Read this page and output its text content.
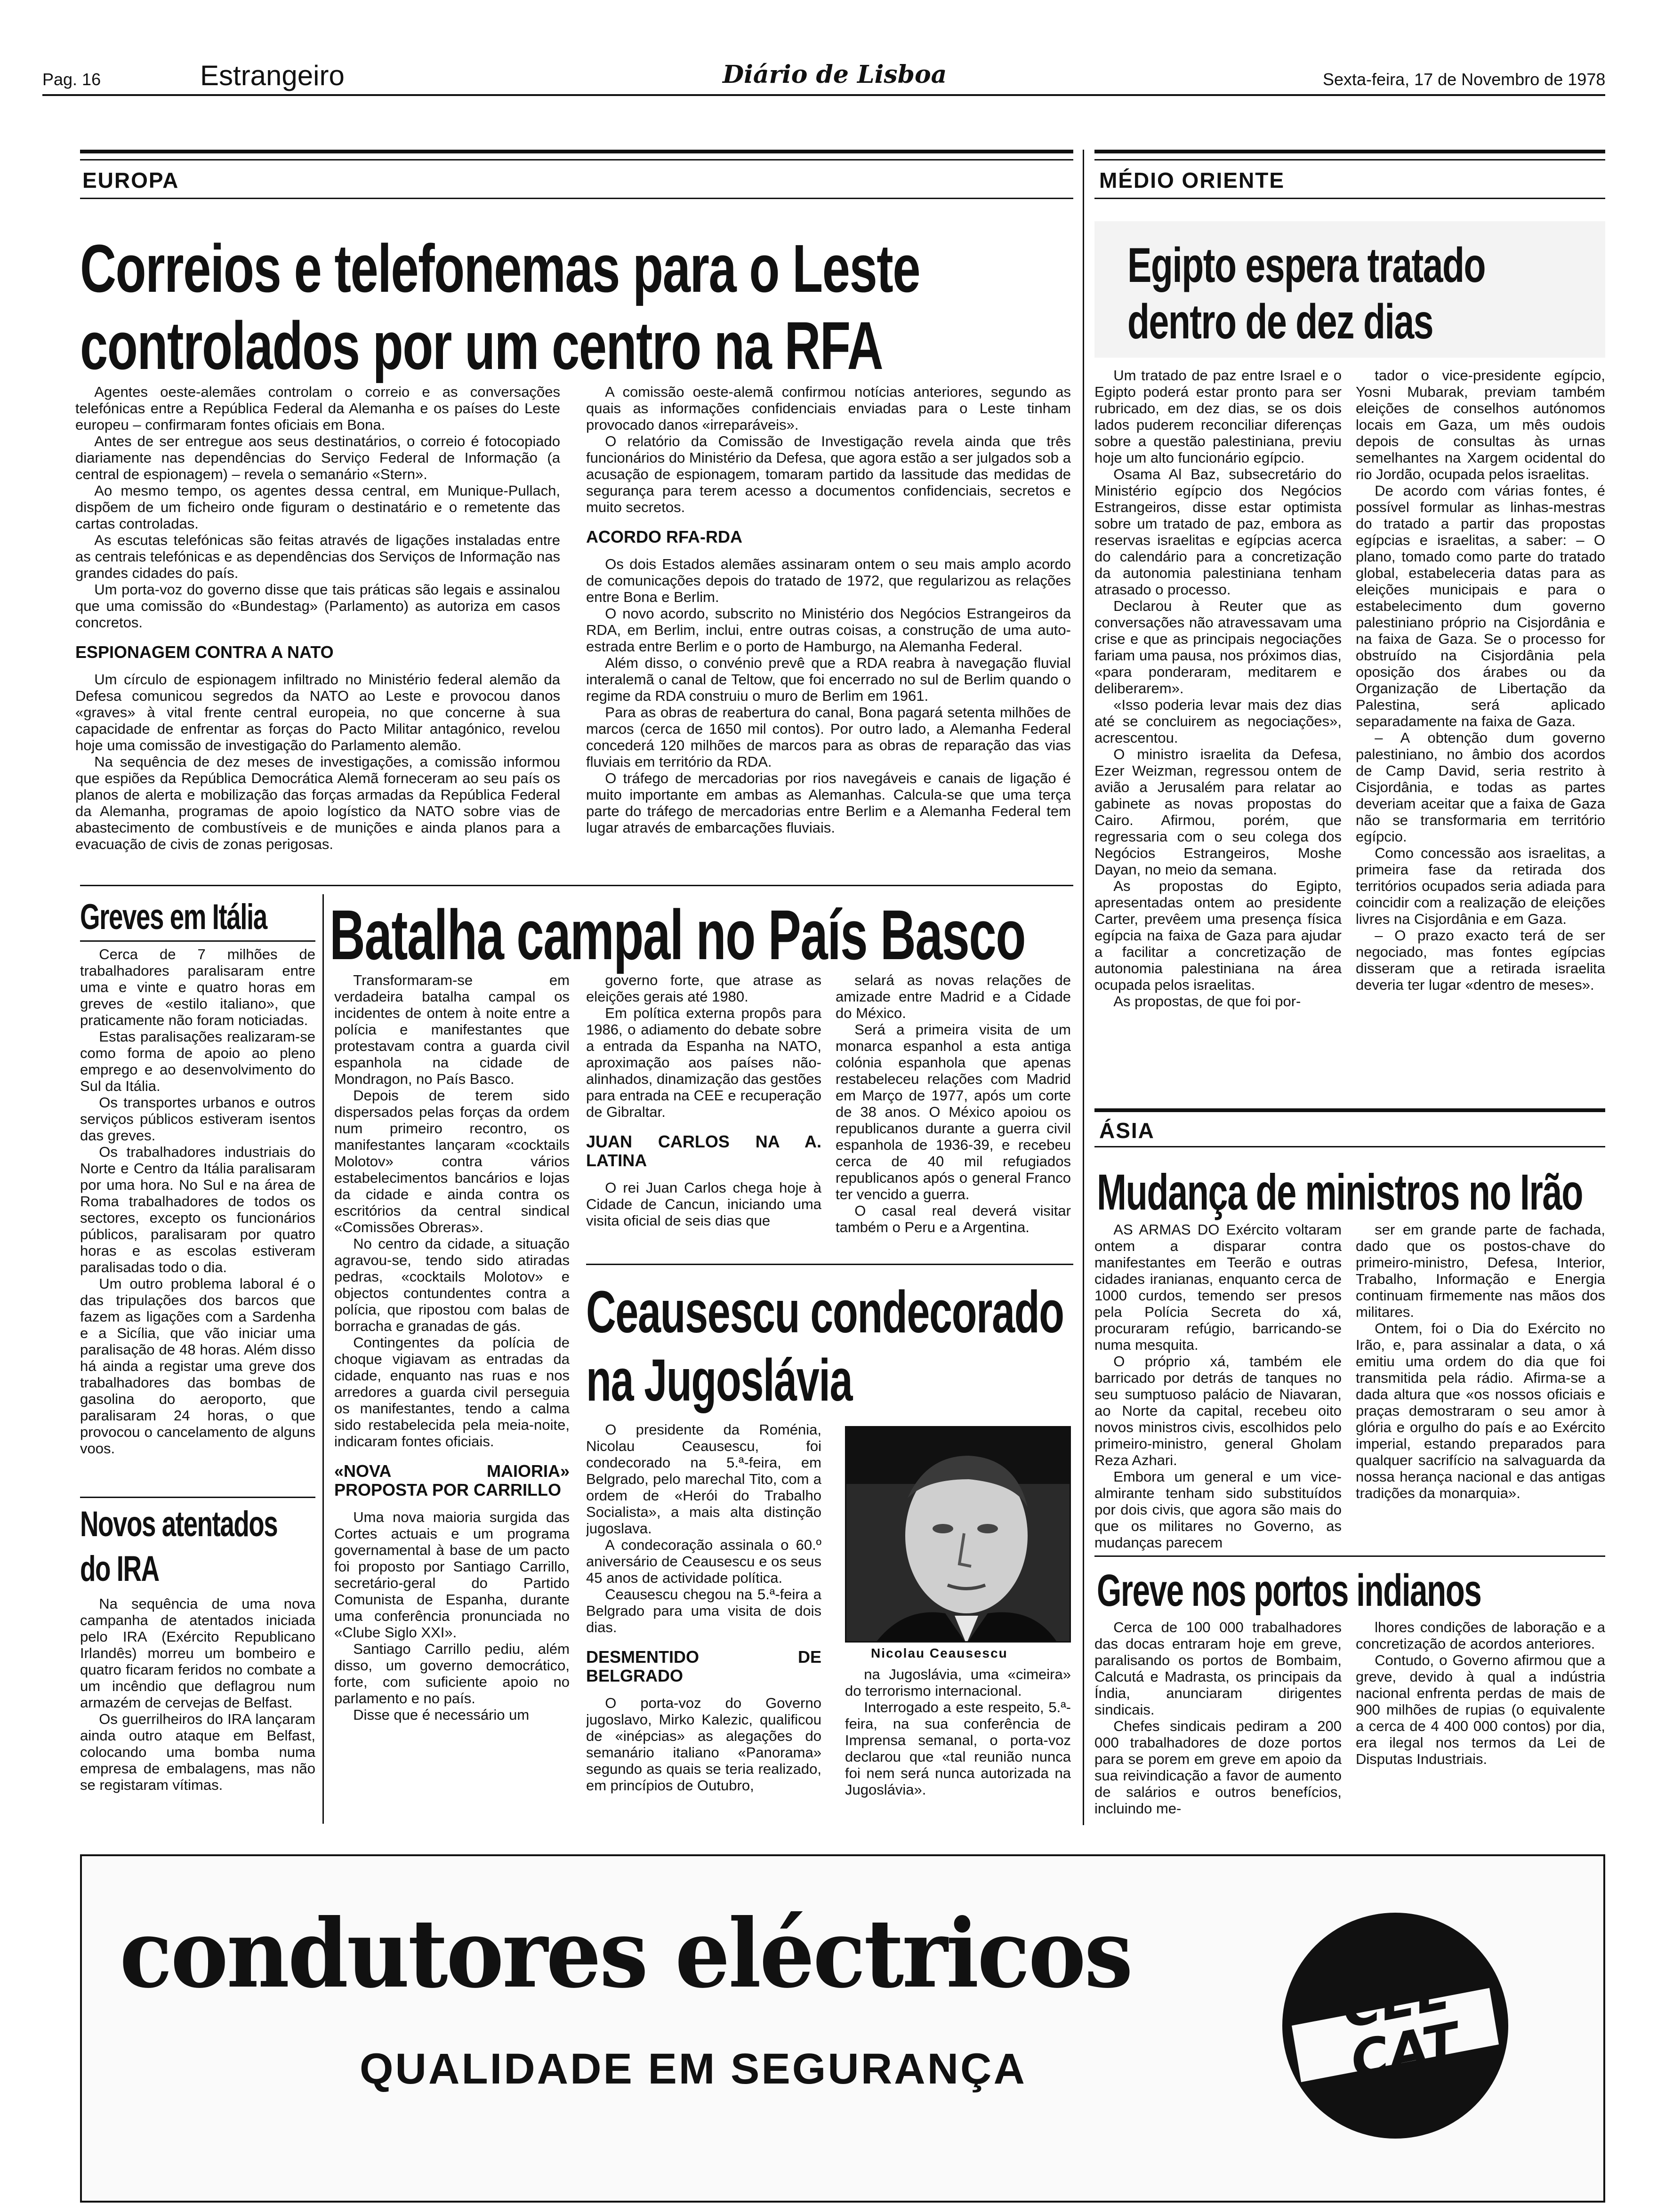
Pag. 16	Estrangeiro	Diário de Lisboa	Sexta-feira, 17 de Novembro de 1978
EUROPA
Correios e telefonemas para o Leste
controlados por um centro na RFA

Agentes oeste-alemães controlam o correio e as conversações telefónicas entre a República Federal da Alemanha e os países do Leste europeu – confirmaram fontes oficiais em Bona.

Antes de ser entregue aos seus destinatários, o correio é fotocopiado diariamente nas dependências do Serviço Federal de Informação (a central de espionagem) – revela o semanário «Stern».

Ao mesmo tempo, os agentes dessa central, em Munique-Pullach, dispõem de um ficheiro onde figuram o destinatário e o remetente das cartas controladas.

As escutas telefónicas são feitas através de ligações instaladas entre as centrais telefónicas e as dependências dos Serviços de Informação nas grandes cidades do país.

Um porta-voz do governo disse que tais práticas são legais e assinalou que uma comissão do «Bundestag» (Parlamento) as autoriza em casos concretos.

ESPIONAGEM CONTRA A NATO

Um círculo de espionagem infiltrado no Ministério federal alemão da Defesa comunicou segredos da NATO ao Leste e provocou danos «graves» à vital frente central europeia, no que concerne à sua capacidade de enfrentar as forças do Pacto Militar antagónico, revelou hoje uma comissão de investigação do Parlamento alemão.

Na sequência de dez meses de investigações, a comissão informou que espiões da República Democrática Alemã forneceram ao seu país os planos de alerta e mobilização das forças armadas da República Federal da Alemanha, programas de apoio logístico da NATO sobre vias de abastecimento de combustíveis e de munições e ainda planos para a evacuação de civis de zonas perigosas.

A comissão oeste-alemã confirmou notícias anteriores, segundo as quais as informações confidenciais enviadas para o Leste tinham provocado danos «irreparáveis».

O relatório da Comissão de Investigação revela ainda que três funcionários do Ministério da Defesa, que agora estão a ser julgados sob a acusação de espionagem, tomaram partido da lassitude das medidas de segurança para terem acesso a documentos confidenciais, secretos e muito secretos.

ACORDO RFA-RDA

Os dois Estados alemães assinaram ontem o seu mais amplo acordo de comunicações depois do tratado de 1972, que regularizou as relações entre Bona e Berlim.

O novo acordo, subscrito no Ministério dos Negócios Estrangeiros da RDA, em Berlim, inclui, entre outras coisas, a construção de uma auto-estrada entre Berlim e o porto de Hamburgo, na Alemanha Federal.

Além disso, o convénio prevê que a RDA reabra à navegação fluvial interalemã o canal de Teltow, que foi encerrado no sul de Berlim quando o regime da RDA construiu o muro de Berlim em 1961.

Para as obras de reabertura do canal, Bona pagará setenta milhões de marcos (cerca de 1650 mil contos). Por outro lado, a Alemanha Federal concederá 120 milhões de marcos para as obras de reparação das vias fluviais em território da RDA.

O tráfego de mercadorias por rios navegáveis e canais de ligação é muito importante em ambas as Alemanhas. Calcula-se que uma terça parte do tráfego de mercadorias entre Berlim e a Alemanha Federal tem lugar através de embarcações fluviais.

MÉDIO ORIENTE
Egipto espera tratado
dentro de dez dias

Um tratado de paz entre Israel e o Egipto poderá estar pronto para ser rubricado, em dez dias, se os dois lados puderem reconciliar diferenças sobre a questão palestiniana, previu hoje um alto funcionário egípcio.

Osama Al Baz, subsecretário do Ministério egípcio dos Negócios Estrangeiros, disse estar optimista sobre um tratado de paz, embora as reservas israelitas e egípcias acerca do calendário para a concretização da autonomia palestiniana tenham atrasado o processo.

Declarou à Reuter que as conversações não atravessavam uma crise e que as principais negociações fariam uma pausa, nos próximos dias, «para ponderaram, meditarem e deliberarem».

«Isso poderia levar mais dez dias até se concluirem as negociações», acrescentou.

O ministro israelita da Defesa, Ezer Weizman, regressou ontem de avião a Jerusalém para relatar ao gabinete as novas propostas do Cairo. Afirmou, porém, que regressaria com o seu colega dos Negócios Estrangeiros, Moshe Dayan, no meio da semana.

As propostas do Egipto, apresentadas ontem ao presidente Carter, prevêem uma presença física egípcia na faixa de Gaza para ajudar a facilitar a concretização de autonomia palestiniana na área ocupada pelos israelitas.

As propostas, de que foi por-

tador o vice-presidente egípcio, Yosni Mubarak, previam também eleições de conselhos autónomos locais em Gaza, um mês oudois depois de consultas às urnas semelhantes na Xargem ocidental do rio Jordão, ocupada pelos israelitas.

De acordo com várias fontes, é possível formular as linhas-mestras do tratado a partir das propostas egípcias e israelitas, a saber: – O plano, tomado como parte do tratado global, estabeleceria datas para as eleições municipais e para o estabelecimento dum governo palestiniano próprio na Cisjordânia e na faixa de Gaza. Se o processo for obstruído na Cisjordânia pela oposição dos árabes ou da Organização de Libertação da Palestina, será aplicado separadamente na faixa de Gaza.

– A obtenção dum governo palestiniano, no âmbio dos acordos de Camp David, seria restrito à Cisjordânia, e todas as partes deveriam aceitar que a faixa de Gaza não se transformaria em território egípcio.

Como concessão aos israelitas, a primeira fase da retirada dos territórios ocupados seria adiada para coincidir com a realização de eleições livres na Cisjordânia e em Gaza.

– O prazo exacto terá de ser negociado, mas fontes egípcias disseram que a retirada israelita deveria ter lugar «dentro de meses».

Greves em Itália

Cerca de 7 milhões de trabalhadores paralisaram entre uma e vinte e quatro horas em greves de «estilo italiano», que praticamente não foram noticiadas.

Estas paralisações realizaram-se como forma de apoio ao pleno emprego e ao desenvolvimento do Sul da Itália.

Os transportes urbanos e outros serviços públicos estiveram isentos das greves.

Os trabalhadores industriais do Norte e Centro da Itália paralisaram por uma hora. No Sul e na área de Roma trabalhadores de todos os sectores, excepto os funcionários públicos, paralisaram por quatro horas e as escolas estiveram paralisadas todo o dia.

Um outro problema laboral é o das tripulações dos barcos que fazem as ligações com a Sardenha e a Sicília, que vão iniciar uma paralisação de 48 horas. Além disso há ainda a registar uma greve dos trabalhadores das bombas de gasolina do aeroporto, que paralisaram 24 horas, o que provocou o cancelamento de alguns voos.

Novos atentados
do IRA

Na sequência de uma nova campanha de atentados iniciada pelo IRA (Exército Republicano Irlandês) morreu um bombeiro e quatro ficaram feridos no combate a um incêndio que deflagrou num armazém de cervejas de Belfast.

Os guerrilheiros do IRA lançaram ainda outro ataque em Belfast, colocando uma bomba numa empresa de embalagens, mas não se registaram vítimas.

Batalha campal no País Basco

Transformaram-se em verdadeira batalha campal os incidentes de ontem à noite entre a polícia e manifestantes que protestavam contra a guarda civil espanhola na cidade de Mondragon, no País Basco.

Depois de terem sido dispersados pelas forças da ordem num primeiro recontro, os manifestantes lançaram «cocktails Molotov» contra vários estabelecimentos bancários e lojas da cidade e ainda contra os escritórios da central sindical «Comissões Obreras».

No centro da cidade, a situação agravou-se, tendo sido atiradas pedras, «cocktails Molotov» e objectos contundentes contra a polícia, que ripostou com balas de borracha e granadas de gás.

Contingentes da polícia de choque vigiavam as entradas da cidade, enquanto nas ruas e nos arredores a guarda civil perseguia os manifestantes, tendo a calma sido restabelecida pela meia-noite, indicaram fontes oficiais.

«NOVA MAIORIA» PROPOSTA POR CARRILLO

Uma nova maioria surgida das Cortes actuais e um programa governamental à base de um pacto foi proposto por Santiago Carrillo, secretário-geral do Partido Comunista de Espanha, durante uma conferência pronunciada no «Clube Siglo XXI».

Santiago Carrillo pediu, além disso, um governo democrático, forte, com suficiente apoio no parlamento e no país.

Disse que é necessário um

governo forte, que atrase as eleições gerais até 1980.

Em política externa propôs para 1986, o adiamento do debate sobre a entrada da Espanha na NATO, aproximação aos países não-alinhados, dinamização das gestões para entrada na CEE e recuperação de Gibraltar.

JUAN CARLOS NA A. LATINA

O rei Juan Carlos chega hoje à Cidade de Cancun, iniciando uma visita oficial de seis dias que

selará as novas relações de amizade entre Madrid e a Cidade do México.

Será a primeira visita de um monarca espanhol a esta antiga colónia espanhola que apenas restabeleceu relações com Madrid em Março de 1977, após um corte de 38 anos. O México apoiou os republicanos durante a guerra civil espanhola de 1936-39, e recebeu cerca de 40 mil refugiados republicanos após o general Franco ter vencido a guerra.

O casal real deverá visitar também o Peru e a Argentina.

Ceausescu condecorado
na Jugoslávia

O presidente da Roménia, Nicolau Ceausescu, foi condecorado na 5.ª-feira, em Belgrado, pelo marechal Tito, com a ordem de «Herói do Trabalho Socialista», a mais alta distinção jugoslava.

A condecoração assinala o 60.º aniversário de Ceausescu e os seus 45 anos de actividade política.

Ceausescu chegou na 5.ª-feira a Belgrado para uma visita de dois dias.

DESMENTIDO DE BELGRADO

O porta-voz do Governo jugoslavo, Mirko Kalezic, qualificou de «inépcias» as alegações do semanário italiano «Panorama» segundo as quais se teria realizado, em princípios de Outubro,

Nicolau Ceausescu

na Jugoslávia, uma «cimeira» do terrorismo internacional.

Interrogado a este respeito, 5.ª-feira, na sua conferência de Imprensa semanal, o porta-voz declarou que «tal reunião nunca foi nem será nunca autorizada na Jugoslávia».

ÁSIA
Mudança de ministros no Irão

AS ARMAS DO Exército voltaram ontem a disparar contra manifestantes em Teerão e outras cidades iranianas, enquanto cerca de 1000 curdos, temendo ser presos pela Polícia Secreta do xá, procuraram refúgio, barricando-se numa mesquita.

O próprio xá, também ele barricado por detrás de tanques no seu sumptuoso palácio de Niavaran, ao Norte da capital, recebeu oito novos ministros civis, escolhidos pelo primeiro-ministro, general Gholam Reza Azhari.

Embora um general e um vice-almirante tenham sido substituídos por dois civis, que agora são mais do que os militares no Governo, as mudanças parecem

ser em grande parte de fachada, dado que os postos-chave do primeiro-ministro, Defesa, Interior, Trabalho, Informação e Energia continuam firmemente nas mãos dos militares.

Ontem, foi o Dia do Exército no Irão, e, para assinalar a data, o xá emitiu uma ordem do dia que foi transmitida pela rádio. Afirma-se a dada altura que «os nossos oficiais e praças demostraram o seu amor à glória e orgulho do país e ao Exército imperial, estando preparados para qualquer sacrifício na salvaguarda da nossa herança nacional e das antigas tradições da monarquia».

Greve nos portos indianos

Cerca de 100 000 trabalhadores das docas entraram hoje em greve, paralisando os portos de Bombaim, Calcutá e Madrasta, os principais da Índia, anunciaram dirigentes sindicais.

Chefes sindicais pediram a 200 000 trabalhadores de doze portos para se porem em greve em apoio da sua reivindicação a favor de aumento de salários e outros benefícios, incluindo me-

lhores condições de laboração e a concretização de acordos anteriores.

Contudo, o Governo afirmou que a greve, devido à qual a indústria nacional enfrenta perdas de mais de 900 milhões de rupias (o equivalente a cerca de 4 400 000 contos) por dia, era ilegal nos termos da Lei de Disputas Industriais.

condutores eléctricos
QUALIDADE EM SEGURANÇA
CEL CAT
